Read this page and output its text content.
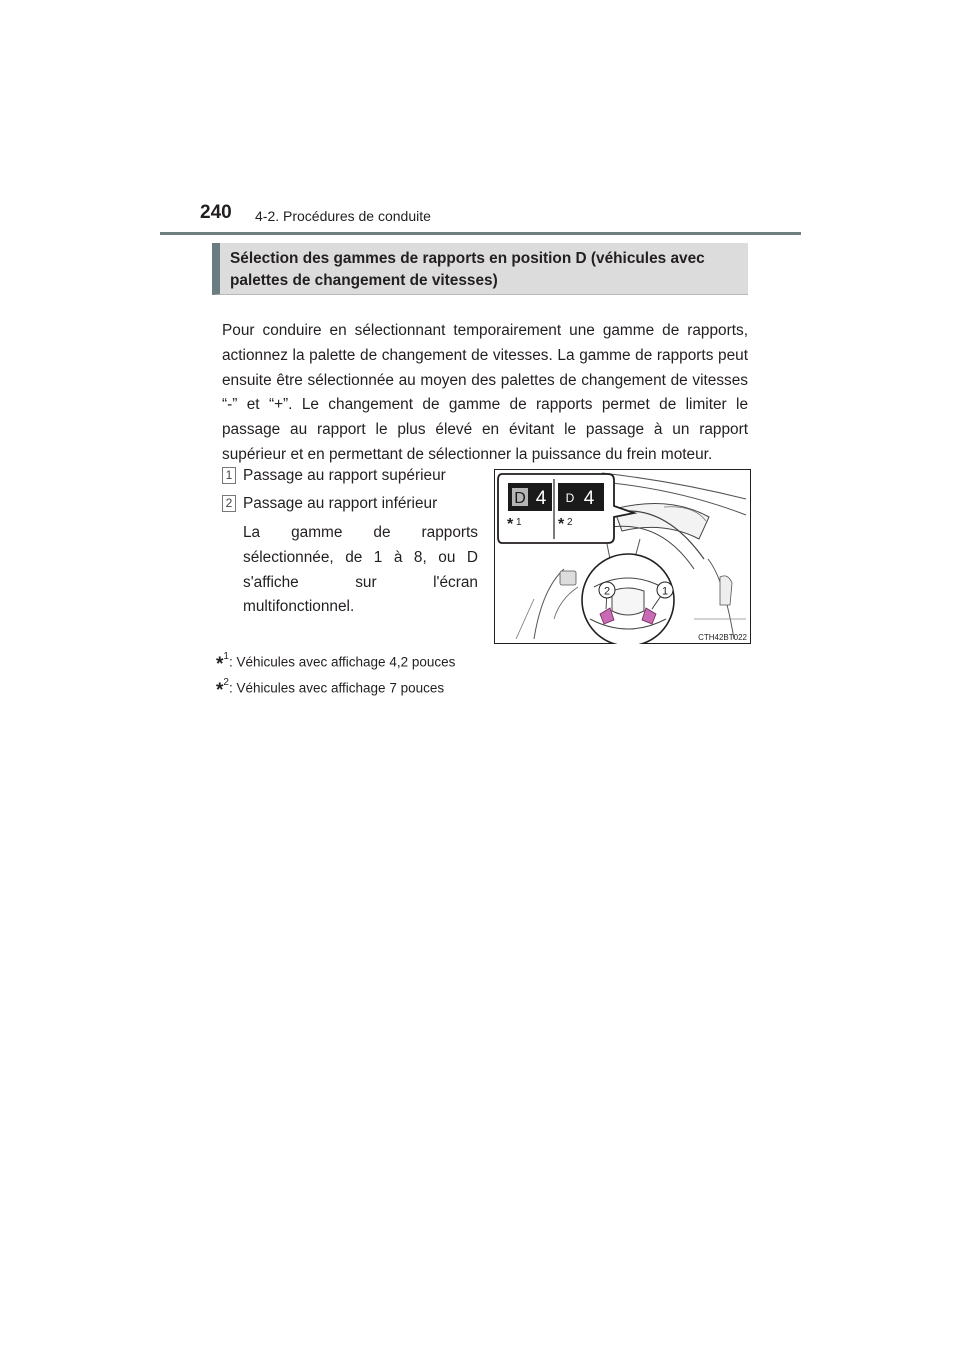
240 4-2. Procédures de conduite
Sélection des gammes de rapports en position D (véhicules avec palettes de changement de vitesses)
Pour conduire en sélectionnant temporairement une gamme de rapports, actionnez la palette de changement de vitesses. La gamme de rapports peut ensuite être sélectionnée au moyen des palettes de changement de vitesses “-” et “+”. Le changement de gamme de rapports permet de limiter le passage au rapport le plus élevé en évitant le passage à un rapport supérieur et en permettant de sélectionner la puissance du frein moteur.
1 Passage au rapport supérieur
2 Passage au rapport inférieur
La gamme de rapports sélectionnée, de 1 à 8, ou D s'affiche sur l'écran multifonctionnel.
D 4 D 4
* 1 * 2
2	1
CTH42BT022
*$^1$: Véhicules avec affichage 4,2 pouces
*$^2$: Véhicules avec affichage 7 pouces
